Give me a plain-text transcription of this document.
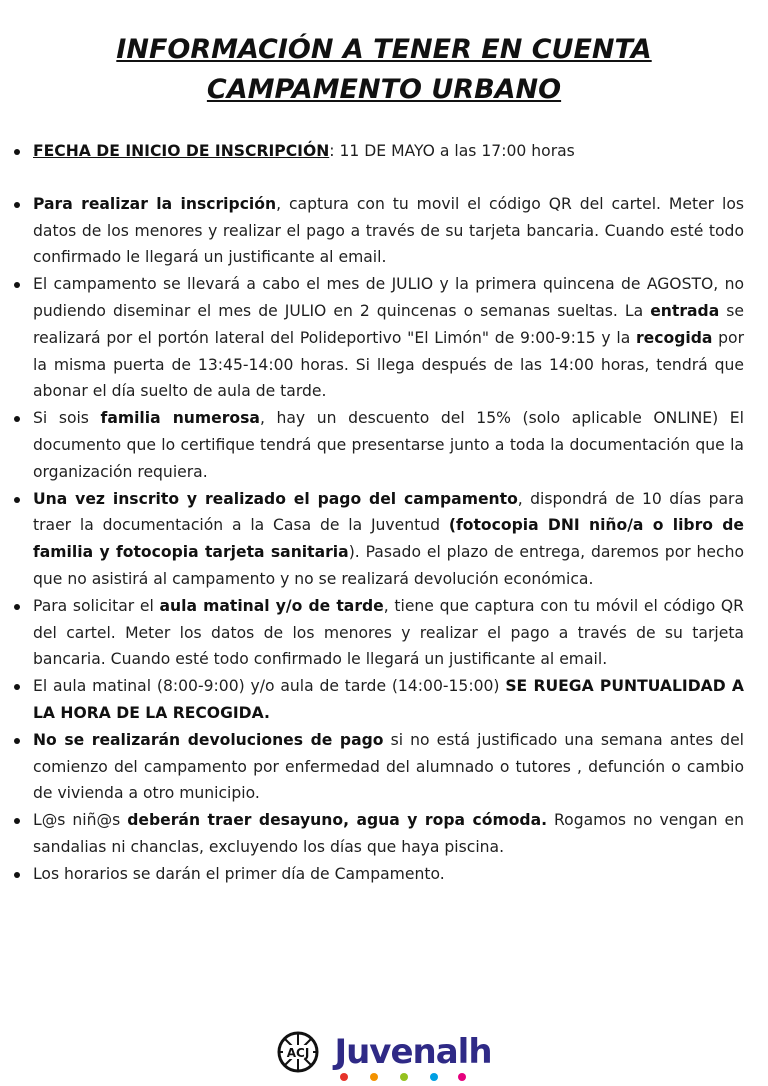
INFORMACIÓN A TENER EN CUENTA
CAMPAMENTO URBANO
FECHA DE INICIO DE INSCRIPCIÓN: 11 DE MAYO a las 17:00 horas
Para realizar la inscripción, captura con tu movil el código QR del cartel. Meter los datos de los menores y realizar el pago a través de su tarjeta bancaria. Cuando esté todo confirmado le llegará un justificante al email.
El campamento se llevará a cabo el mes de JULIO y la primera quincena de AGOSTO, no pudiendo diseminar el mes de JULIO en 2 quincenas o semanas sueltas. La entrada se realizará por el portón lateral del Polideportivo "El Limón" de 9:00-9:15 y la recogida por la misma puerta de 13:45-14:00 horas. Si llega después de las 14:00 horas, tendrá que abonar el día suelto de aula de tarde.
Si sois familia numerosa, hay un descuento del 15% (solo aplicable ONLINE) El documento que lo certifique tendrá que presentarse junto a toda la documentación que la organización requiera.
Una vez inscrito y realizado el pago del campamento, dispondrá de 10 días para traer la documentación a la Casa de la Juventud (fotocopia DNI niño/a o libro de familia y fotocopia tarjeta sanitaria). Pasado el plazo de entrega, daremos por hecho que no asistirá al campamento y no se realizará devolución económica.
Para solicitar el aula matinal y/o de tarde, tiene que captura con tu móvil el código QR del cartel. Meter los datos de los menores y realizar el pago a través de su tarjeta bancaria. Cuando esté todo confirmado le llegará un justificante al email.
El aula matinal (8:00-9:00) y/o aula de tarde (14:00-15:00) SE RUEGA PUNTUALIDAD A LA HORA DE LA RECOGIDA.
No se realizarán devoluciones de pago si no está justificado una semana antes del comienzo del campamento por enfermedad del alumnado o tutores , defunción o cambio de vivienda a otro municipio.
L@s niñ@s deberán traer desayuno, agua y ropa cómoda. Rogamos no vengan en sandalias ni chanclas, excluyendo los días que haya piscina.
Los horarios se darán el primer día de Campamento.
ACJ Juvenalh
